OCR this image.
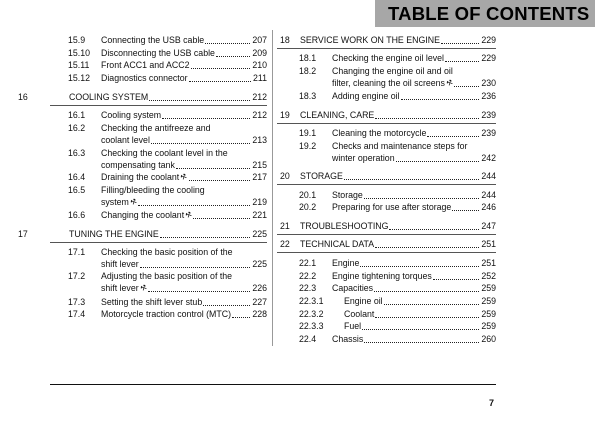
TABLE OF CONTENTS
15.9 Connecting the USB cable	207
15.10 Disconnecting the USB cable	209
15.11 Front ACC1 and ACC2	210
15.12 Diagnostics connector	211
16	COOLING SYSTEM	212
16.1 Cooling system	212
16.2 Checking the antifreeze and
coolant level	213
16.3 Checking the coolant level in the
compensating tank	215
16.4 Draining the coolant ⚒	217
16.5 Filling/bleeding the cooling
system ⚒	219
16.6 Changing the coolant ⚒	221
17	TUNING THE ENGINE	225
17.1 Checking the basic position of the
shift lever	225
17.2 Adjusting the basic position of the
shift lever ⚒	226
17.3 Setting the shift lever stub	227
17.4 Motorcycle traction control (MTC) 228
18 SERVICE WORK ON THE ENGINE	229
18.1 Checking the engine oil level	229
18.2 Changing the engine oil and oil
filter, cleaning the oil screens ⚒	230
18.3 Adding engine oil	236
19 CLEANING, CARE	239
19.1 Cleaning the motorcycle	239
19.2 Checks and maintenance steps for
winter operation	242
20 STORAGE	244
20.1 Storage	244
20.2 Preparing for use after storage	246
21 TROUBLESHOOTING	247
22 TECHNICAL DATA	251
22.1 Engine	251
22.2 Engine tightening torques	252
22.3 Capacities	259
22.3.1 Engine oil	259
22.3.2 Coolant	259
22.3.3 Fuel	259
22.4 Chassis	260
7
